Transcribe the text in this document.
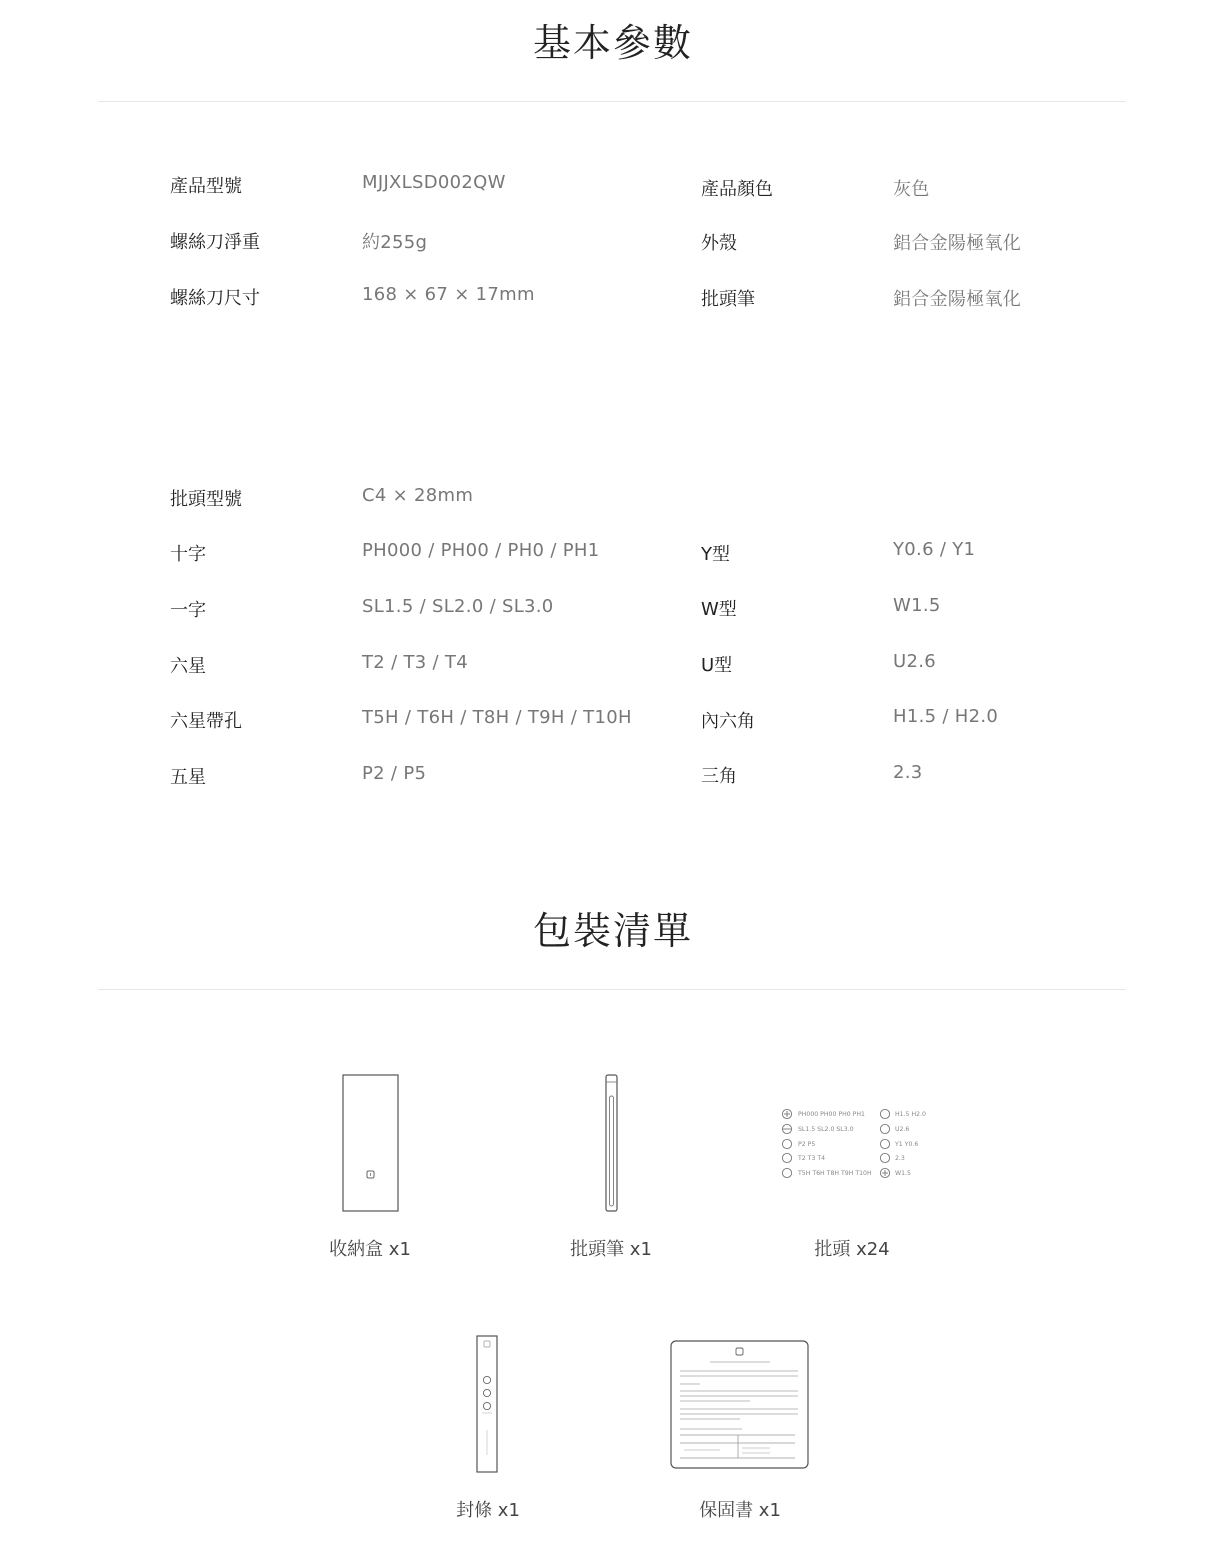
基本參數
產品型號	MJJXLSD002QW	產品顏色	灰色
螺絲刀淨重	約255g	外殼	鋁合金陽極氧化
螺絲刀尺寸	168 × 67 × 17mm	批頭筆	鋁合金陽極氧化
批頭型號	C4 × 28mm
十字	PH000 / PH00 / PH0 / PH1	Y型	Y0.6 / Y1
一字	SL1.5 / SL2.0 / SL3.0	W型	W1.5
六星	T2 / T3 / T4	U型	U2.6
六星帶孔	T5H / T6H / T8H / T9H / T10H	內六角	H1.5 / H2.0
五星	P2 / P5	三角	2.3
包裝清單
收納盒 x1	批頭筆 x1
PH000 PH00 PH0 PH1
SL1.5 SL2.0 SL3.0
P2 P5
T2 T3 T4
T5H T6H T8H T9H T10H
H1.5 H2.0
U2.6
Y1 Y0.6
2.3
W1.5
批頭 x24
封條 x1	保固書 x1
